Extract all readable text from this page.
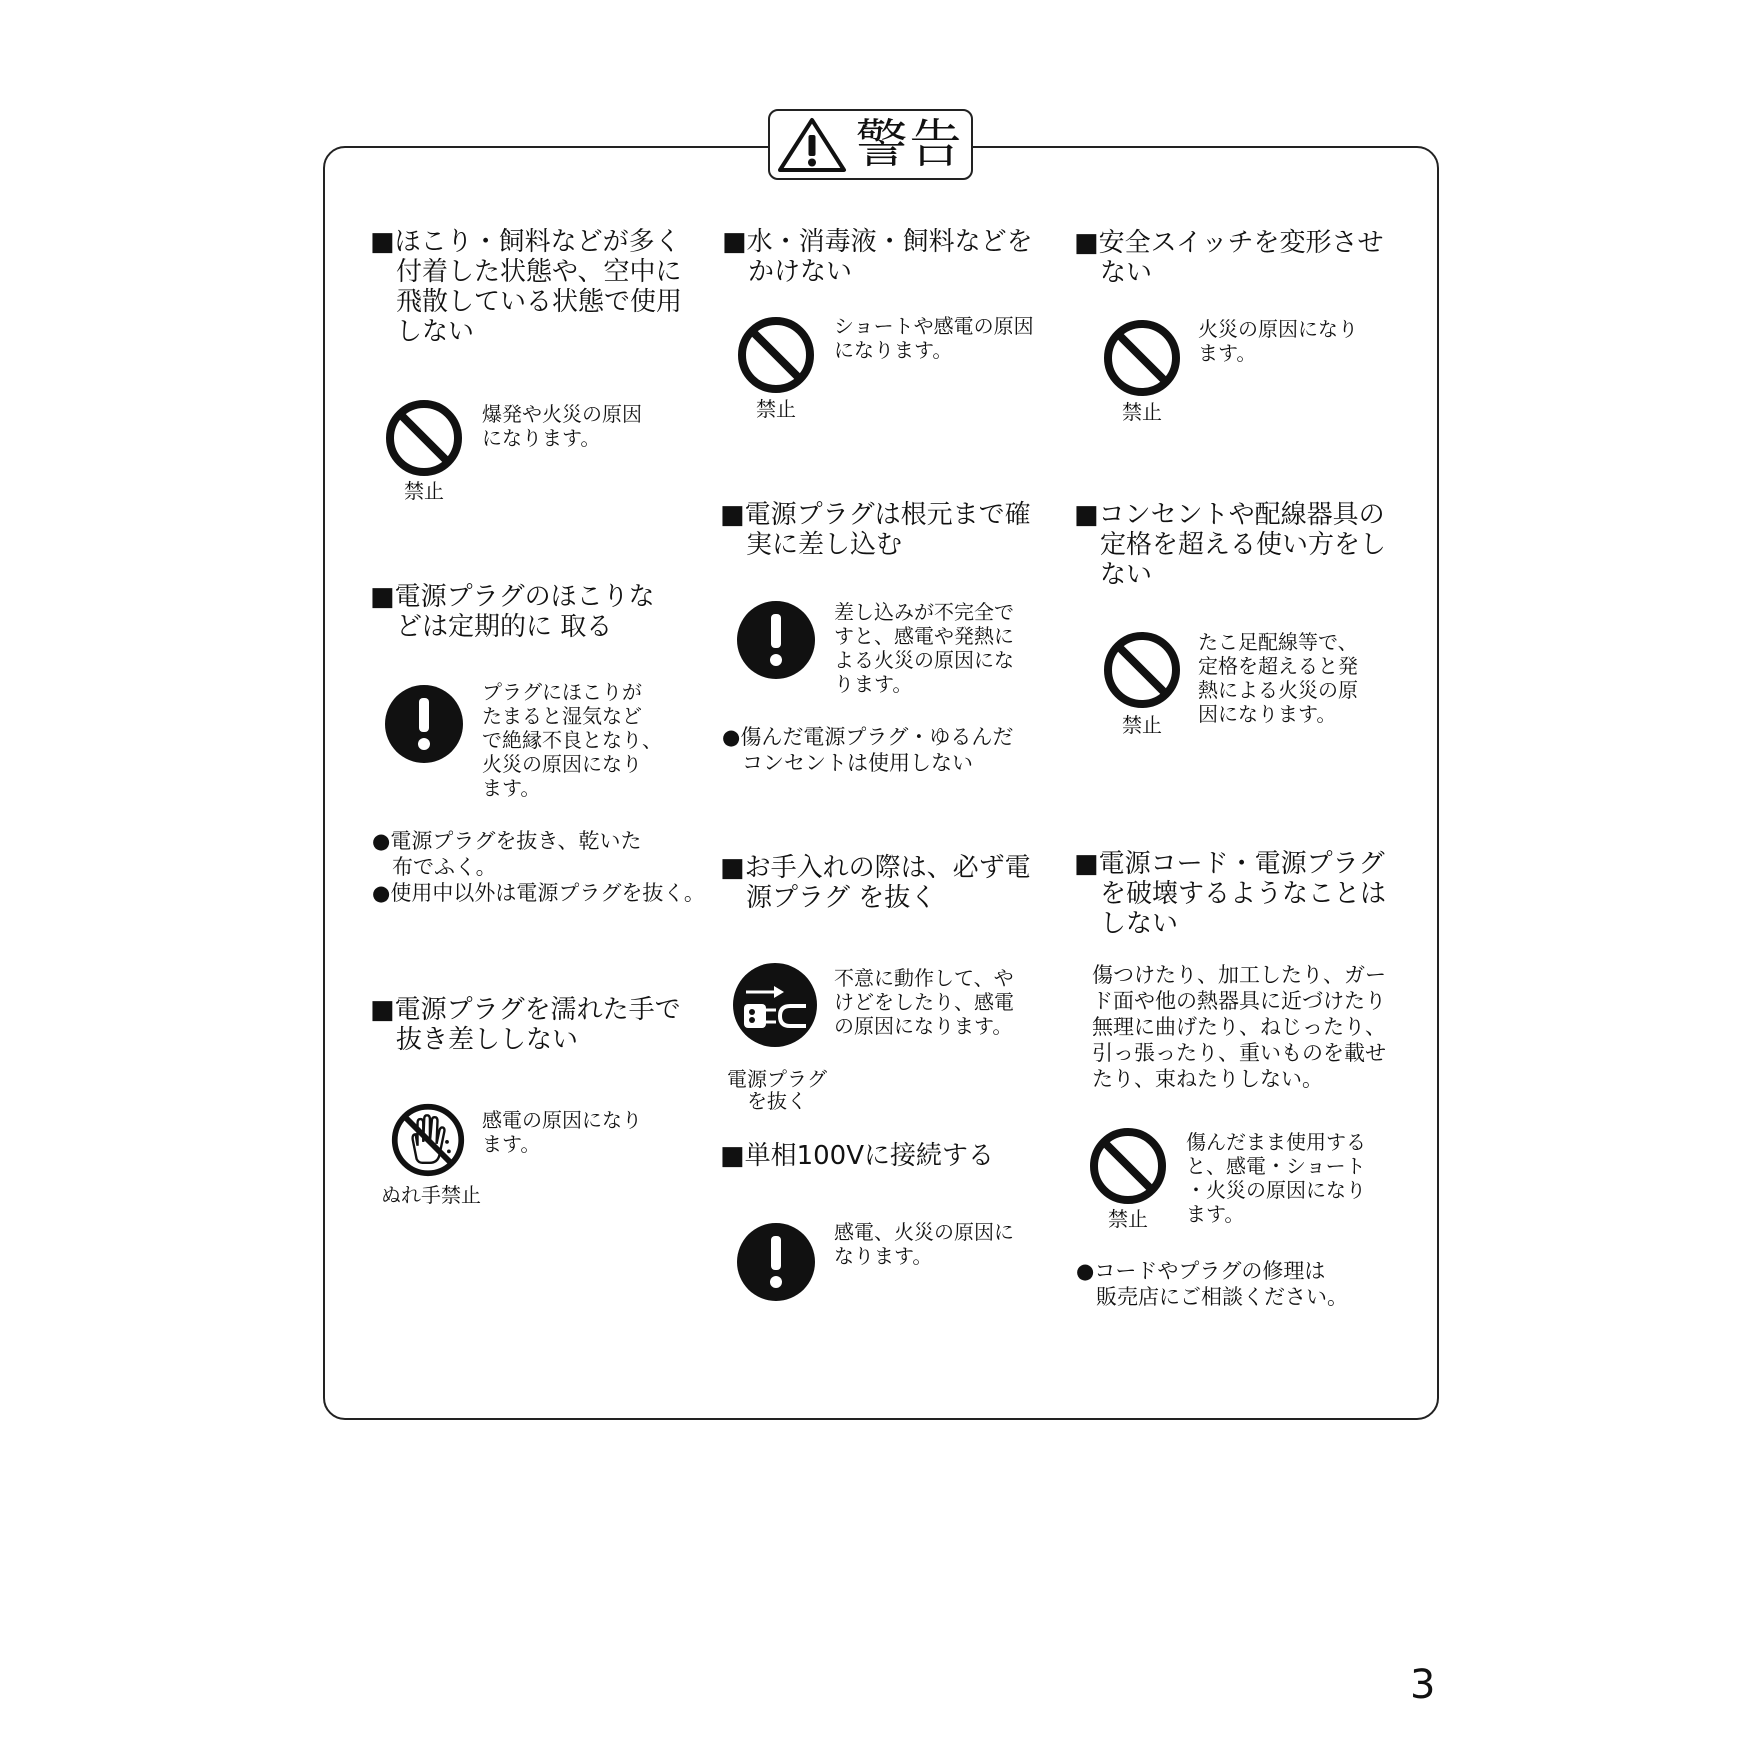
警告
■ほこり・飼料などが多く
付着した状態や、空中に
飛散している状態で使用
しない
禁止
爆発や火災の原因
になります。
■電源プラグのほこりな
どは定期的に 取る
プラグにほこりが
たまると湿気など
で絶縁不良となり、
火災の原因になり
ます。
●電源プラグを抜き、乾いた
布でふく。
●使用中以外は電源プラグを抜く。
■電源プラグを濡れた手で
抜き差ししない
ぬれ手禁止
感電の原因になり
ます。
■水・消毒液・飼料などを
かけない
禁止
ショートや感電の原因
になります。
■電源プラグは根元まで確
実に差し込む
差し込みが不完全で
すと、感電や発熱に
よる火災の原因にな
ります。
●傷んだ電源プラグ・ゆるんだ
コンセントは使用しない
■お手入れの際は、必ず電
源プラグ を抜く
電源プラグ
を抜く
不意に動作して、や
けどをしたり、感電
の原因になります。
■単相100Vに接続する
感電、火災の原因に
なります。
■安全スイッチを変形させ
ない
禁止
火災の原因になり
ます。
■コンセントや配線器具の
定格を超える使い方をし
ない
禁止
たこ足配線等で、
定格を超えると発
熱による火災の原
因になります。
■電源コード・電源プラグ
を破壊するようなことは
しない
傷つけたり、加工したり、ガー
ド面や他の熱器具に近づけたり
無理に曲げたり、ねじったり、
引っ張ったり、重いものを載せ
たり、束ねたりしない。
禁止
傷んだまま使用する
と、感電・ショート
・火災の原因になり
ます。
●コードやプラグの修理は
販売店にご相談ください。
3
